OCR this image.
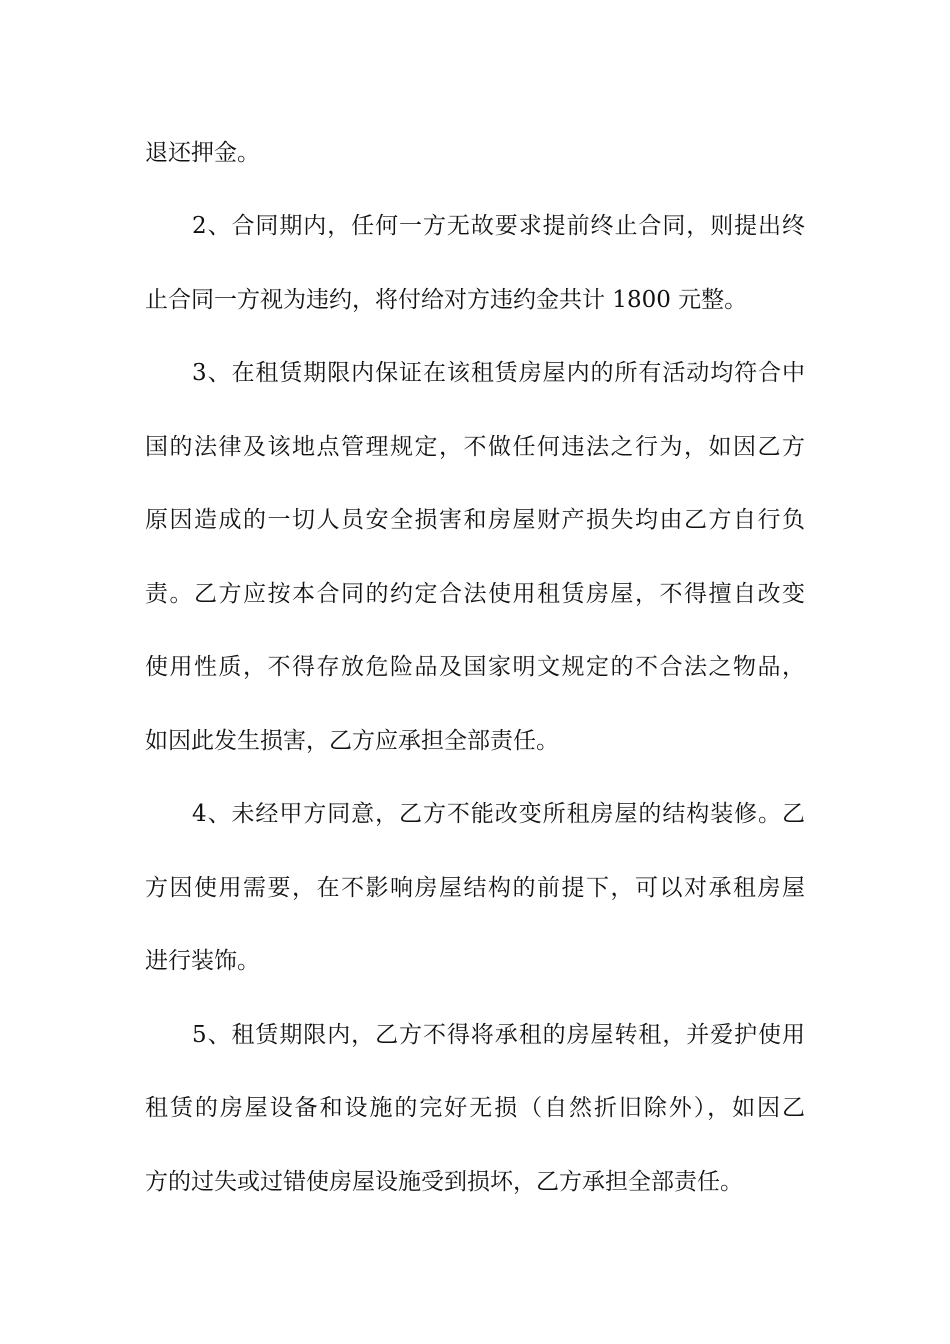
退还押金。
2、合同期内，任何一方无故要求提前终止合同，则提出终
止合同一方视为违约，将付给对方违约金共计 1800 元整。
3、在租赁期限内保证在该租赁房屋内的所有活动均符合中
国的法律及该地点管理规定，不做任何违法之行为，如因乙方
原因造成的一切人员安全损害和房屋财产损失均由乙方自行负
责。乙方应按本合同的约定合法使用租赁房屋，不得擅自改变
使用性质，不得存放危险品及国家明文规定的不合法之物品，
如因此发生损害，乙方应承担全部责任。
4、未经甲方同意，乙方不能改变所租房屋的结构装修。乙
方因使用需要，在不影响房屋结构的前提下，可以对承租房屋
进行装饰。
5、租赁期限内，乙方不得将承租的房屋转租，并爱护使用
租赁的房屋设备和设施的完好无损（自然折旧除外），如因乙
方的过失或过错使房屋设施受到损坏，乙方承担全部责任。
